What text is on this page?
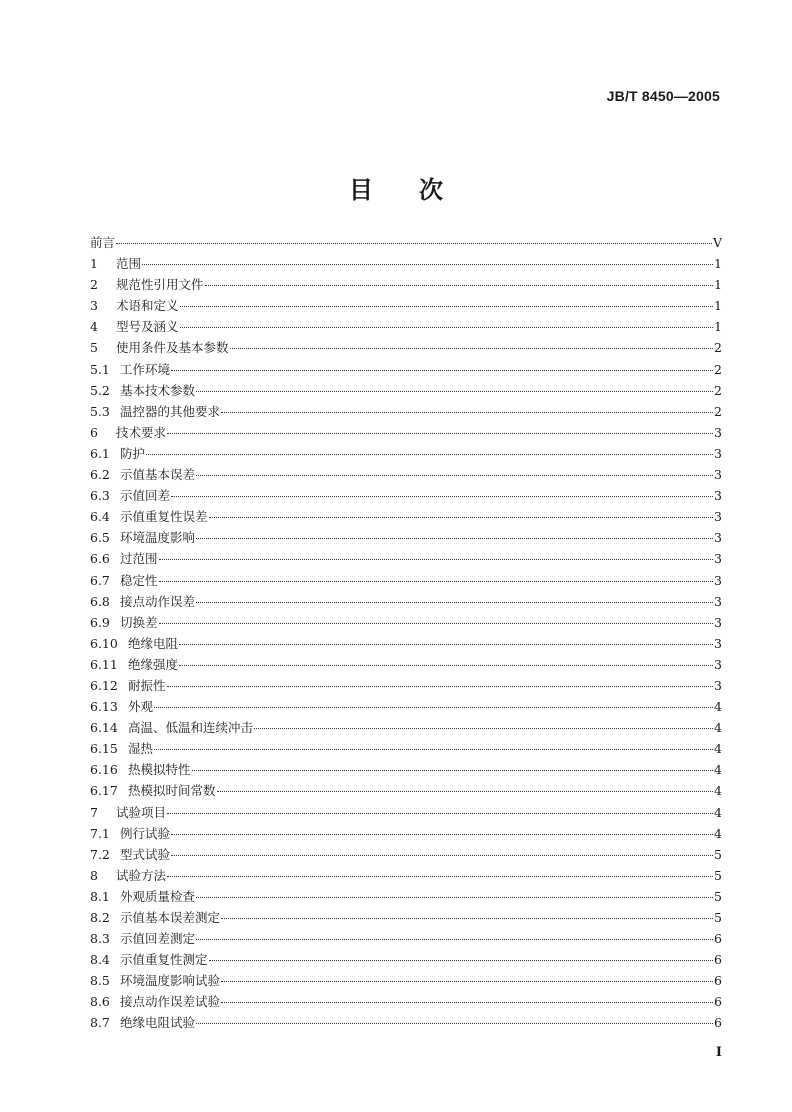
JB/T 8450—2005
目次
前言	V
1	范围	1
2	规范性引用文件	1
3	术语和定义	1
4	型号及涵义	1
5	使用条件及基本参数	2
5.1 工作环境	2
5.2 基本技术参数	2
5.3 温控器的其他要求	2
6	技术要求	3
6.1 防护	3
6.2 示值基本误差	3
6.3 示值回差	3
6.4 示值重复性误差	3
6.5 环境温度影响	3
6.6 过范围	3
6.7 稳定性	3
6.8 接点动作误差	3
6.9 切换差	3
6.10 绝缘电阻	3
6.11 绝缘强度	3
6.12 耐振性	3
6.13 外观	4
6.14 高温、低温和连续冲击	4
6.15 湿热	4
6.16 热模拟特性	4
6.17 热模拟时间常数	4
7	试验项目	4
7.1 例行试验	4
7.2 型式试验	5
8	试验方法	5
8.1 外观质量检查	5
8.2 示值基本误差测定	5
8.3 示值回差测定	6
8.4 示值重复性测定	6
8.5 环境温度影响试验	6
8.6 接点动作误差试验	6
8.7 绝缘电阻试验	6
I
